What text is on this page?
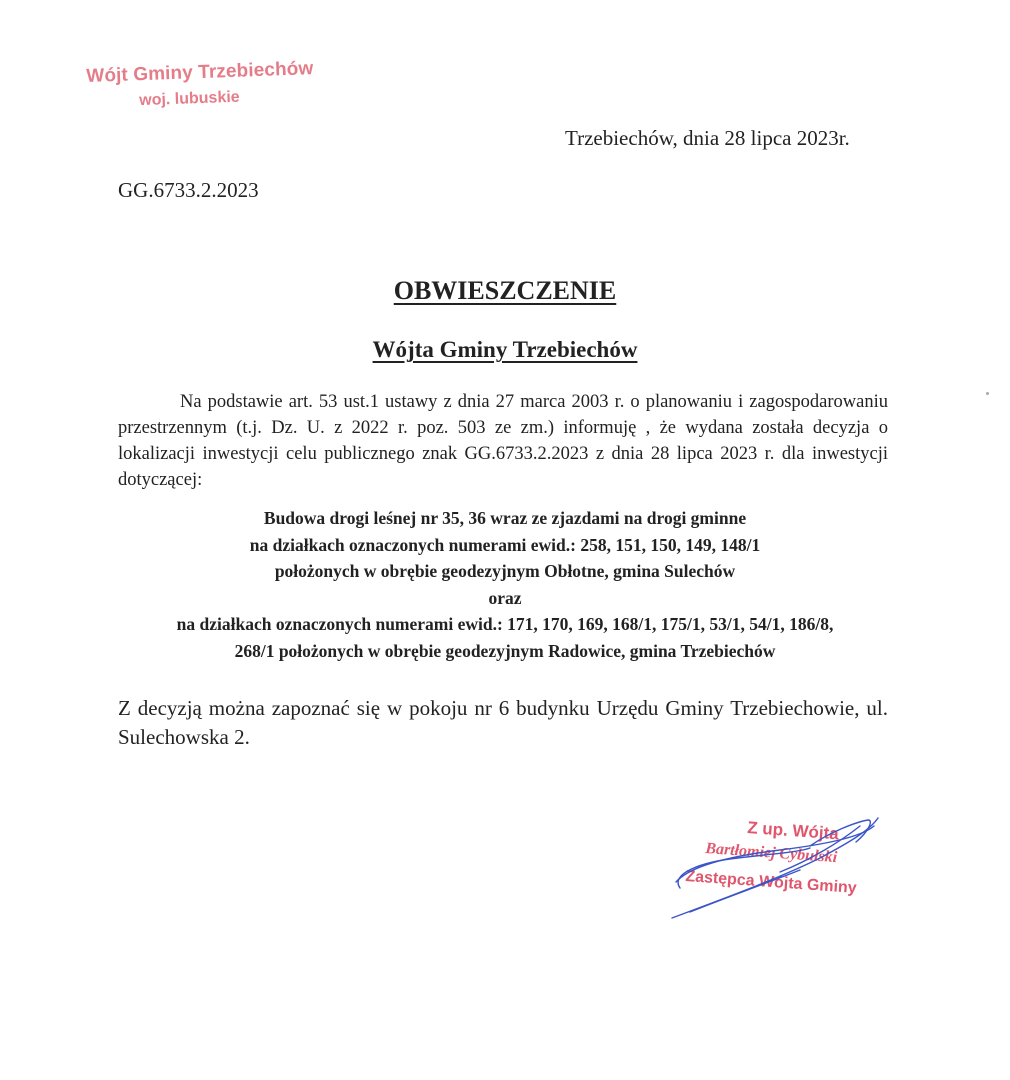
Wójt Gminy Trzebiechów
woj. lubuskie
Trzebiechów, dnia 28 lipca 2023r.
GG.6733.2.2023
OBWIESZCZENIE
Wójta Gminy Trzebiechów
Na podstawie art. 53 ust.1 ustawy z dnia 27 marca 2003 r. o planowaniu i zagospodarowaniu przestrzennym (t.j. Dz. U. z 2022 r. poz. 503 ze zm.) informuję , że wydana została decyzja o lokalizacji inwestycji celu publicznego znak GG.6733.2.2023 z dnia 28 lipca 2023 r. dla inwestycji dotyczącej:
Budowa drogi leśnej nr 35, 36 wraz ze zjazdami na drogi gminne
na działkach oznaczonych numerami ewid.: 258, 151, 150, 149, 148/1
położonych w obrębie geodezyjnym Obłotne, gmina Sulechów
oraz
na działkach oznaczonych numerami ewid.: 171, 170, 169, 168/1, 175/1, 53/1, 54/1, 186/8,
268/1 położonych w obrębie geodezyjnym Radowice, gmina Trzebiechów
Z decyzją można zapoznać się w pokoju nr 6 budynku Urzędu Gminy Trzebiechowie, ul. Sulechowska 2.
Z up. Wójta
Bartłomiej Cybulski
Zastępca Wójta Gminy
